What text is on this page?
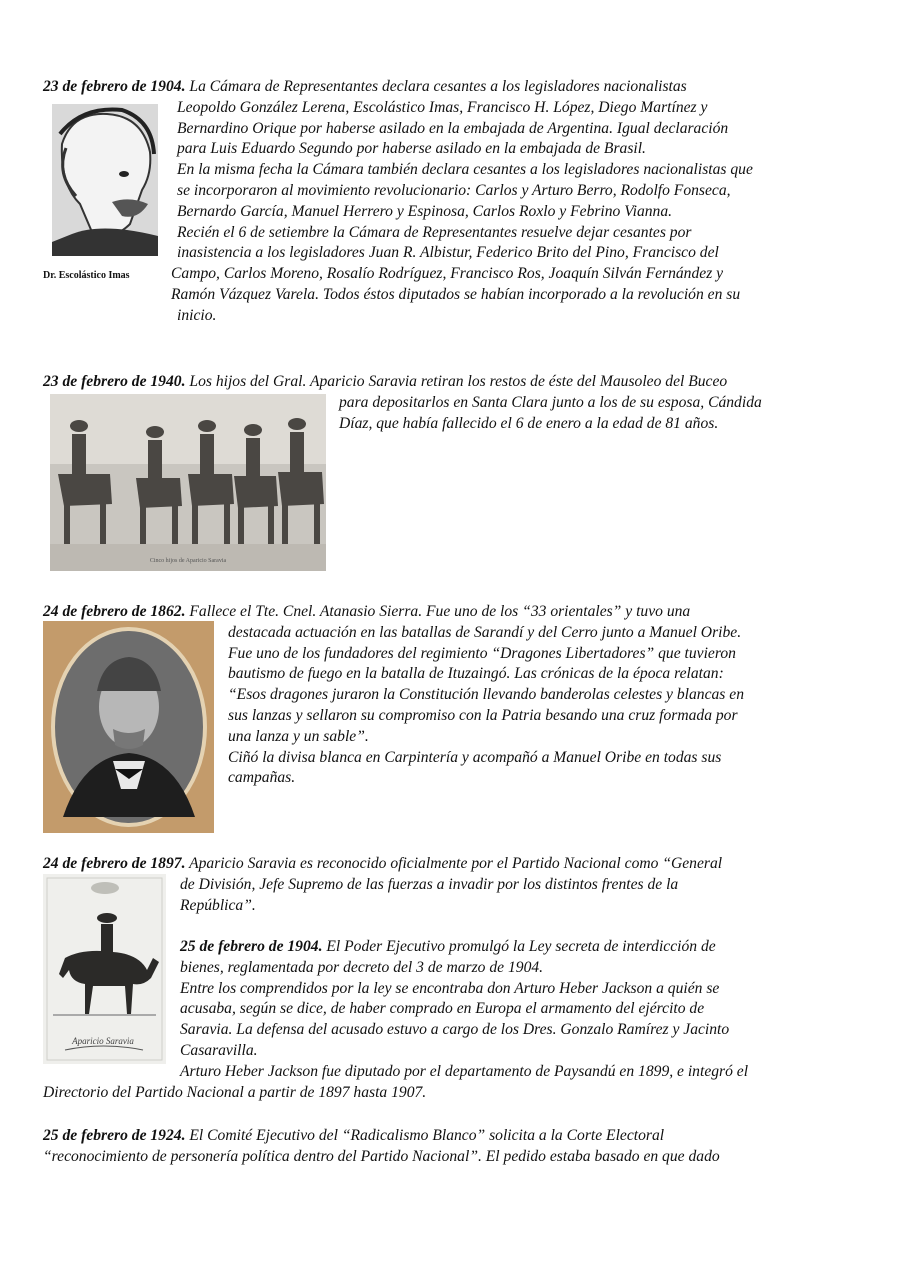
Dr. Escolástico Imas

23 de febrero de 1904. La Cámara de Representantes declara cesantes a los legisladores nacionalistas

Leopoldo González Lerena, Escolástico Imas, Francisco H. López, Diego Martínez y

Bernardino Orique por haberse asilado en la embajada de Argentina. Igual declaración

para Luis Eduardo Segundo por haberse asilado en la embajada de Brasil.

En la misma fecha la Cámara también declara cesantes a los legisladores nacionalistas que

se incorporaron al movimiento revolucionario: Carlos y Arturo Berro, Rodolfo Fonseca,

Bernardo García, Manuel Herrero y Espinosa, Carlos Roxlo y Febrino Vianna.

Recién el 6 de setiembre la Cámara de Representantes resuelve dejar cesantes por

inasistencia a los legisladores Juan R. Albistur, Federico Brito del Pino, Francisco del

Campo, Carlos Moreno, Rosalío Rodríguez, Francisco Ros, Joaquín Silván Fernández y

Ramón Vázquez Varela. Todos éstos diputados se habían incorporado a la revolución en su

inicio.

Cinco hijos de Aparicio Saravia

23 de febrero de 1940. Los hijos del Gral. Aparicio Saravia retiran los restos de éste del Mausoleo del Buceo

para depositarlos en Santa Clara junto a los de su esposa, Cándida

Díaz, que había fallecido el 6 de enero a la edad de 81 años.

24 de febrero de 1862. Fallece el Tte. Cnel. Atanasio Sierra. Fue uno de los “33 orientales” y tuvo una

destacada actuación en las batallas de Sarandí y del Cerro junto a Manuel Oribe.

Fue uno de los fundadores del regimiento “Dragones Libertadores” que tuvieron

bautismo de fuego en la batalla de Ituzaingó. Las crónicas de la época relatan:

“Esos dragones juraron la Constitución llevando banderolas celestes y blancas en

sus lanzas y sellaron su compromiso con la Patria besando una cruz formada por

una lanza y un sable”.

Ciñó la divisa blanca en Carpintería y acompañó a Manuel Oribe en todas sus

campañas.

Aparicio Saravia

24 de febrero de 1897. Aparicio Saravia es reconocido oficialmente por el Partido Nacional como “General

de División, Jefe Supremo de las fuerzas a invadir por los distintos frentes de la

República”.

25 de febrero de 1904. El Poder Ejecutivo promulgó la Ley secreta de interdicción de

bienes, reglamentada por decreto del 3 de marzo de 1904.

Entre los comprendidos por la ley se encontraba don Arturo Heber Jackson a quién se

acusaba, según se dice, de haber comprado en Europa el armamento del ejército de

Saravia. La defensa del acusado estuvo a cargo de los Dres. Gonzalo Ramírez y Jacinto

Casaravilla.

Arturo Heber Jackson fue diputado por el departamento de Paysandú en 1899, e integró el

Directorio del Partido Nacional a partir de 1897 hasta 1907.

25 de febrero de 1924. El Comité Ejecutivo del “Radicalismo Blanco” solicita a la Corte Electoral

“reconocimiento de personería política dentro del Partido Nacional”. El pedido estaba basado en que dado
